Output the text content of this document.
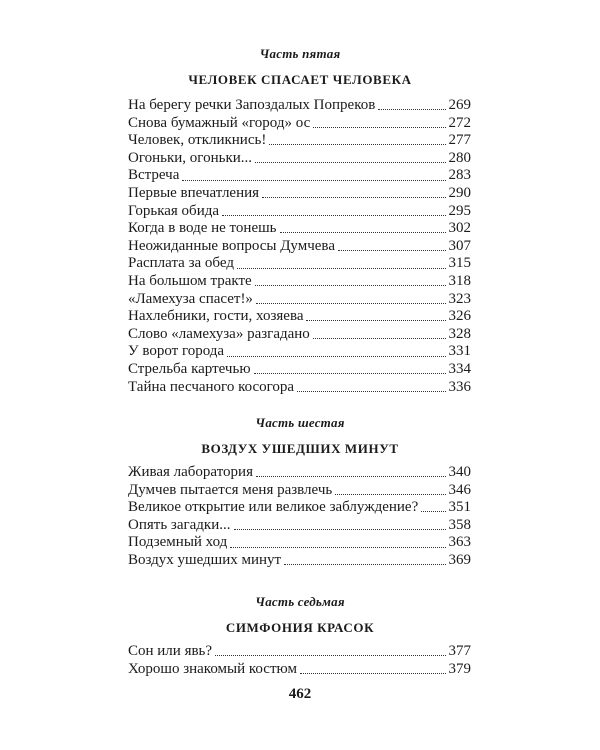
Часть пятая
ЧЕЛОВЕК СПАСАЕТ ЧЕЛОВЕКА
На берегу речки Запоздалых Попреков	269
Снова бумажный «город» ос	272
Человек, откликнись!	277
Огоньки, огоньки...	280
Встреча	283
Первые впечатления	290
Горькая обида	295
Когда в воде не тонешь	302
Неожиданные вопросы Думчева	307
Расплата за обед	315
На большом тракте	318
«Ламехуза спасет!»	323
Нахлебники, гости, хозяева	326
Слово «ламехуза» разгадано	328
У ворот города	331
Стрельба картечью	334
Тайна песчаного косогора	336
Часть шестая
ВОЗДУХ УШЕДШИХ МИНУТ
Живая лаборатория	340
Думчев пытается меня развлечь	346
Великое открытие или великое заблуждение? 351
Опять загадки...	358
Подземный ход	363
Воздух ушедших минут	369
Часть седьмая
СИМФОНИЯ КРАСОК
Сон или явь?	377
Хорошо знакомый костюм	379
462
